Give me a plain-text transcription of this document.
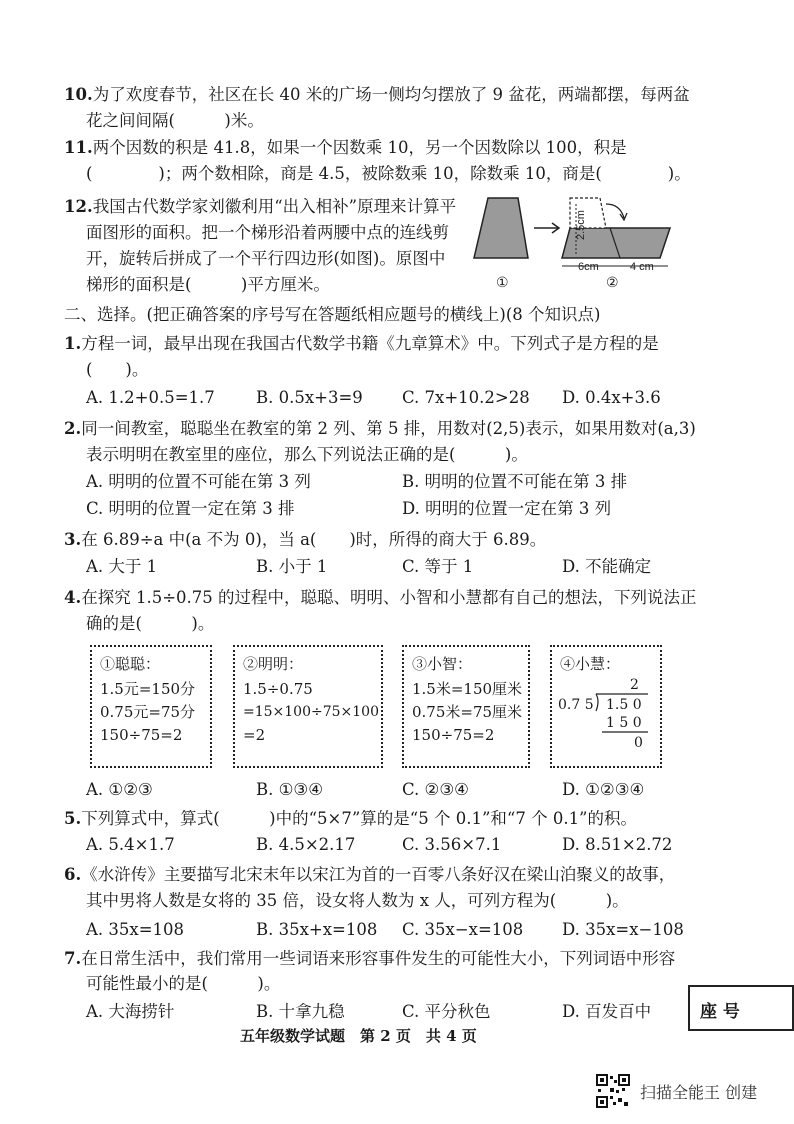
10.为了欢度春节，社区在长 40 米的广场一侧均匀摆放了 9 盆花，两端都摆，每两盆
花之间间隔(　　　)米。
11.两个因数的积是 41.8，如果一个因数乘 10，另一个因数除以 100，积是
(　　　　)；两个数相除，商是 4.5，被除数乘 10，除数乘 10，商是(　　　　)。
12.我国古代数学家刘徽利用“出入相补”原理来计算平
面图形的面积。把一个梯形沿着两腰中点的连线剪
开，旋转后拼成了一个平行四边形(如图)。原图中
梯形的面积是(　　　)平方厘米。
2.5cm
6cm	4 cm
①	②
二、选择。(把正确答案的序号写在答题纸相应题号的横线上)(8 个知识点)
1.方程一词，最早出现在我国古代数学书籍《九章算术》中。下列式子是方程的是
(　　)。
A. 1.2+0.5=1.7 B. 0.5x+3=9 C. 7x+10.2>28 D. 0.4x+3.6
2.同一间教室，聪聪坐在教室的第 2 列、第 5 排，用数对(2,5)表示，如果用数对(a,3)
表示明明在教室里的座位，那么下列说法正确的是(　　　)。
A. 明明的位置不可能在第 3 列	B. 明明的位置不可能在第 3 排
C. 明明的位置一定在第 3 排	D. 明明的位置一定在第 3 列
3.在 6.89÷a 中(a 不为 0)，当 a(　　)时，所得的商大于 6.89。
A. 大于 1	B. 小于 1	C. 等于 1	D. 不能确定
4.在探究 1.5÷0.75 的过程中，聪聪、明明、小智和小慧都有自己的想法，下列说法正
确的是(　　　)。
①聪聪：
1.5元=150分
0.75元=75分
150÷75=2
②明明：
1.5÷0.75
=15×100÷75×100
=2
③小智：
1.5米=150厘米
0.75米=75厘米
150÷75=2
④小慧：
2
0.7 5 1.5 0
1 5 0
0
A. ①②③	B. ①③④	C. ②③④	D. ①②③④
5.下列算式中，算式(　　　)中的“5×7”算的是“5 个 0.1”和“7 个 0.1”的积。
A. 5.4×1.7	B. 4.5×2.17	C. 3.56×7.1	D. 8.51×2.72
6.《水浒传》主要描写北宋末年以宋江为首的一百零八条好汉在梁山泊聚义的故事，
其中男将人数是女将的 35 倍，设女将人数为 x 人，可列方程为(　　　)。
A. 35x=108	B. 35x+x=108 C. 35x−x=108 D. 35x=x−108
7.在日常生活中，我们常用一些词语来形容事件发生的可能性大小，下列词语中形容
可能性最小的是(　　　)。
A. 大海捞针	B. 十拿九稳	C. 平分秋色	D. 百发百中	座 号
五年级数学试题　第 2 页　共 4 页
扫描全能王 创建
